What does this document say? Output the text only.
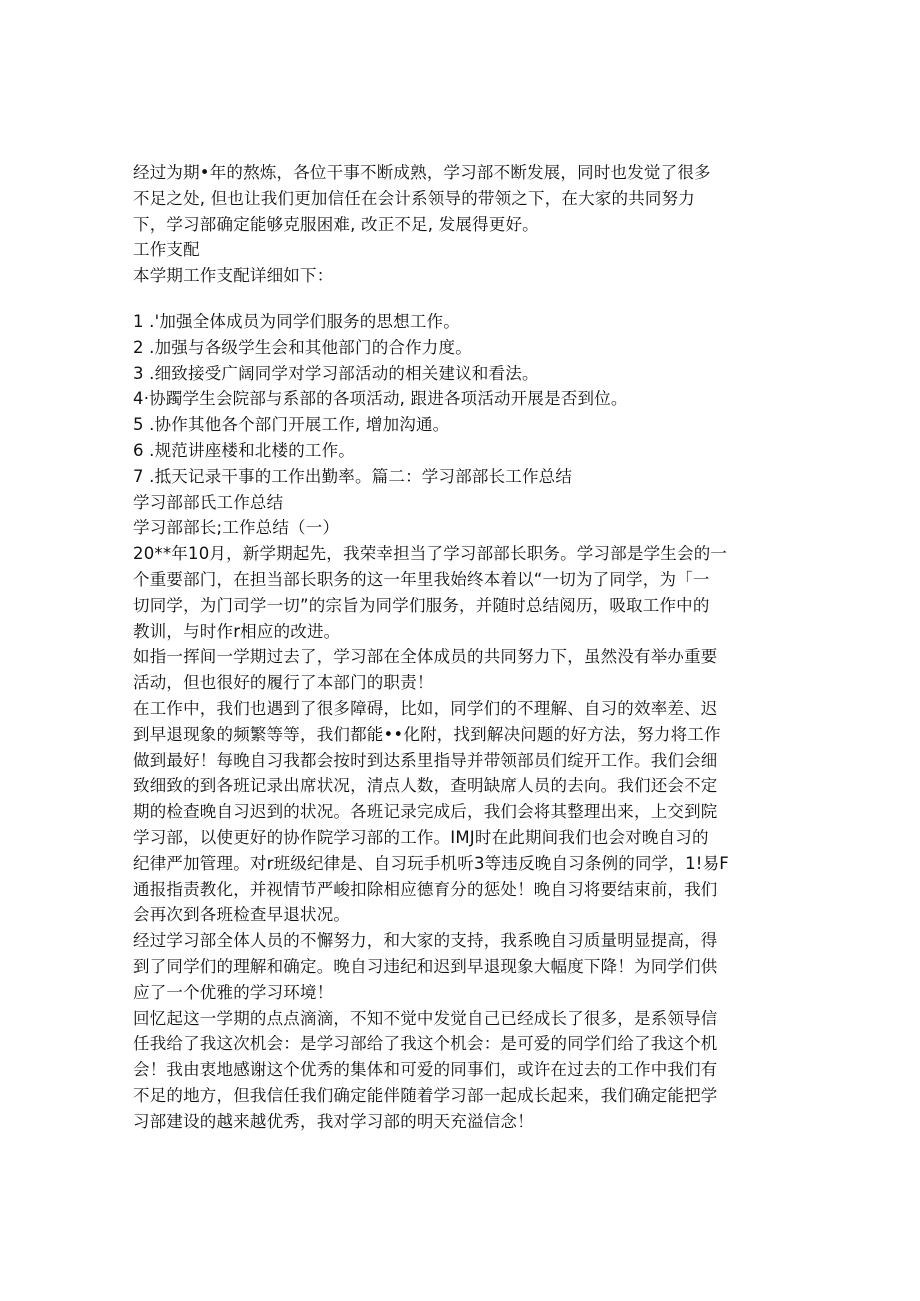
经过为期•年的熬炼，各位干事不断成熟，学习部不断发展，同时也发觉了很多
不足之处, 但也让我们更加信任在会计系领导的带领之下，在大家的共同努力
下，学习部确定能够克服困难, 改正不足, 发展得更好。
工作支配
本学期工作支配详细如下：
1 .'加强全体成员为同学们服务的思想工作。
2 .加强与各级学生会和其他部门的合作力度。
3 .细致接受广阔同学对学习部活动的相关建议和看法。
4·协躅学生会院部与系部的各项活动, 跟进各项活动开展是否到位。
5 .协作其他各个部门开展工作, 增加沟通。
6 .规范讲座楼和北楼的工作。
7 .抵天记录干事的工作出勤率。篇二：学习部部长工作总结
学习部部氏工作总结
学习部部长;工作总结（一）
20**年10月，新学期起先，我荣幸担当了学习部部长职务。学习部是学生会的一
个重要部门，在担当部长职务的这一年里我始终本着以“一切为了同学，为「一
切同学，为门司学一切”的宗旨为同学们服务，并随时总结阅历，吸取工作中的
教训，与时作r相应的改进。
如指一挥间一学期过去了，学习部在全体成员的共同努力下，虽然没有举办重要
活动，但也很好的履行了本部门的职责！
在工作中，我们也遇到了很多障碍，比如，同学们的不理解、自习的效率差、迟
到早退现象的频繁等等，我们都能••化附，找到解决问题的好方法，努力将工作
做到最好！每晚自习我都会按时到达系里指导并带领部员们绽开工作。我们会细
致细致的到各班记录出席状况，清点人数，查明缺席人员的去向。我们还会不定
期的检查晚自习迟到的状况。各班记录完成后，我们会将其整理出来，上交到院
学习部，以使更好的协作院学习部的工作。IMJ时在此期间我们也会对晚自习的
纪律严加管理。对r班级纪律是、自习玩手机听3等违反晚自习条例的同学，1!易F
通报指责教化，并视情节严峻扣除相应德育分的惩处！晚自习将要结束前，我们
会再次到各班检查早退状况。
经过学习部全体人员的不懈努力，和大家的支持，我系晚自习质量明显提高，得
到了同学们的理解和确定。晚自习违纪和迟到早退现象大幅度下降！为同学们供
应了一个优雅的学习环境！
回忆起这一学期的点点滴滴，不知不觉中发觉自己已经成长了很多，是系领导信
任我给了我这次机会：是学习部给了我这个机会：是可爱的同学们给了我这个机
会！我由衷地感谢这个优秀的集体和可爱的同事们，或许在过去的工作中我们有
不足的地方，但我信任我们确定能伴随着学习部一起成长起来，我们确定能把学
习部建设的越来越优秀，我对学习部的明天充溢信念！
